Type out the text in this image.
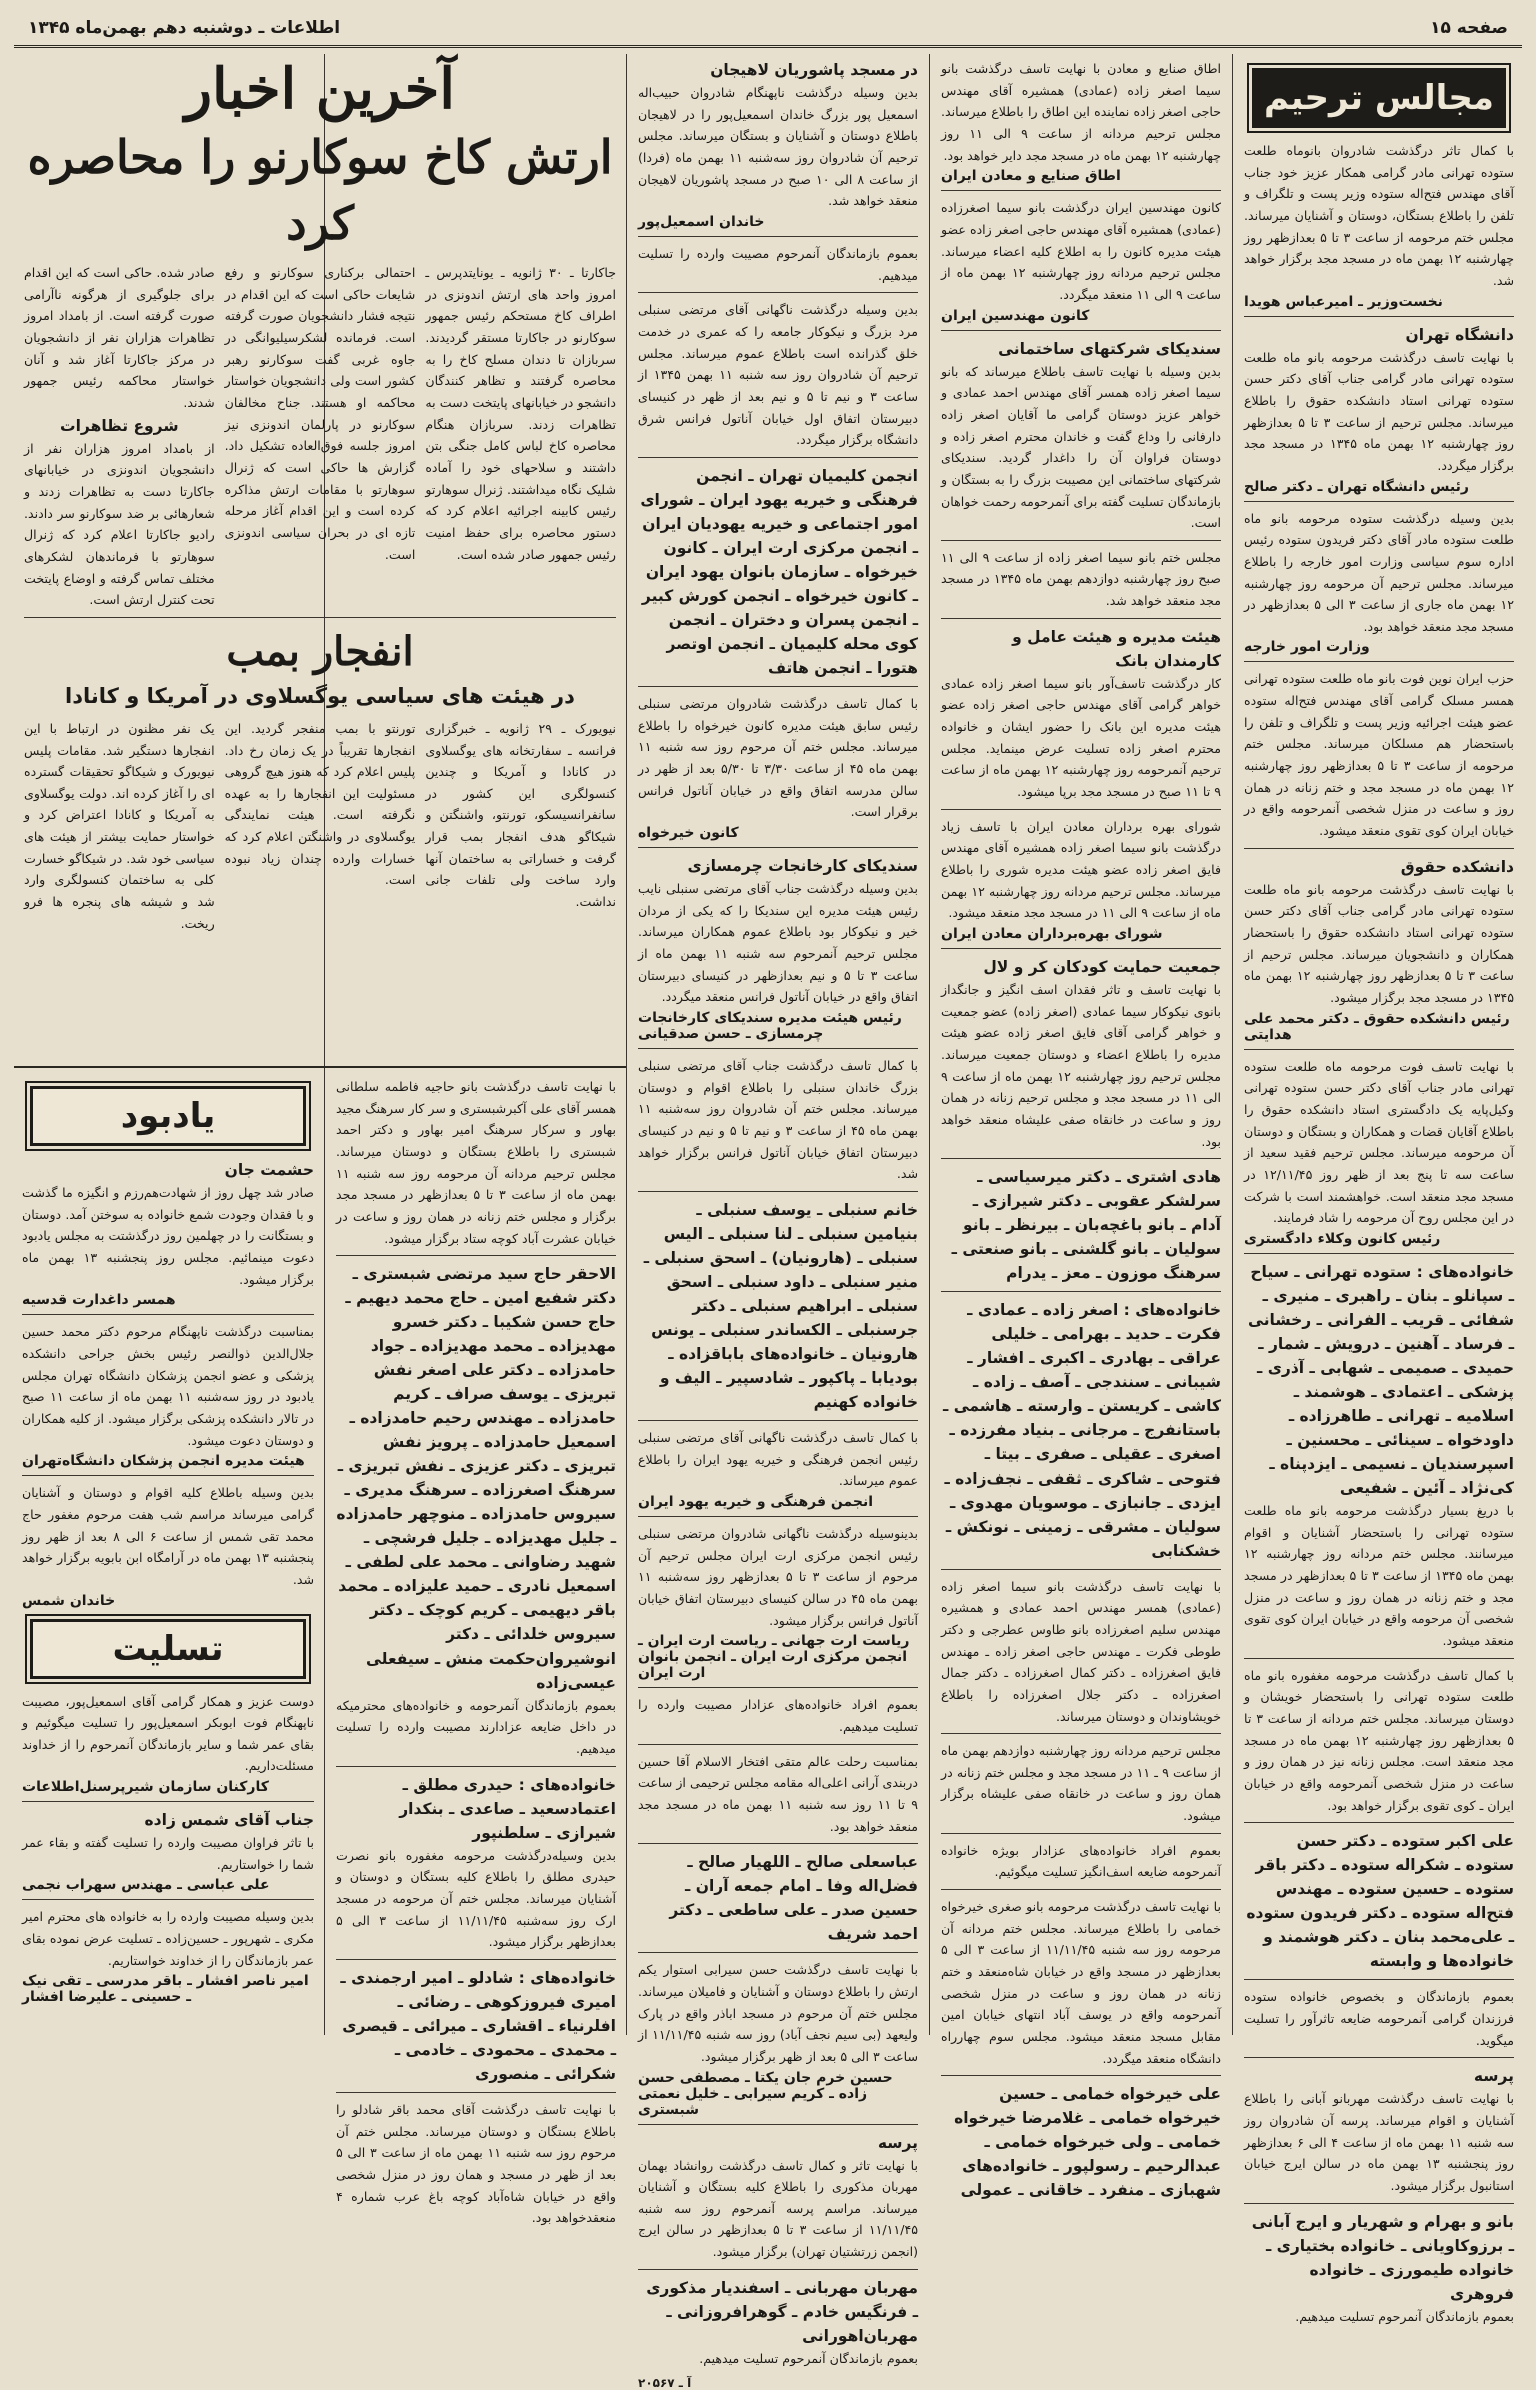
صفحه ۱۵
اطلاعات ـ دوشنبه دهم بهمن‌ماه ۱۳۴۵
مجالس ترحیم
با کمال تاثر درگذشت شادروان بانوماه طلعت ستوده تهرانی مادر گرامی همکار عزیز خود جناب آقای مهندس فتح‌اله ستوده وزیر پست و تلگراف و تلفن را باطلاع بستگان، دوستان و آشنایان میرساند. مجلس ختم مرحومه از ساعت ۳ تا ۵ بعدازظهر روز چهارشنبه ۱۲ بهمن ماه در مسجد مجد برگزار خواهد شد.
نخست‌وزیر ـ امیرعباس هویدا
دانشگاه تهران
با نهایت تاسف درگذشت مرحومه بانو ماه طلعت ستوده تهرانی مادر گرامی جناب آقای دکتر حسن ستوده تهرانی استاد دانشکده حقوق را باطلاع میرساند. مجلس ترحیم از ساعت ۳ تا ۵ بعدازظهر روز چهارشنبه ۱۲ بهمن ماه ۱۳۴۵ در مسجد مجد برگزار میگردد.
رئیس دانشگاه تهران ـ دکتر صالح
بدین وسیله درگذشت ستوده مرحومه بانو ماه طلعت ستوده مادر آقای دکتر فریدون ستوده رئیس اداره سوم سیاسی وزارت امور خارجه را باطلاع میرساند. مجلس ترحیم آن مرحومه روز چهارشنبه ۱۲ بهمن ماه جاری از ساعت ۳ الی ۵ بعدازظهر در مسجد مجد منعقد خواهد بود.
وزارت امور خارجه
حزب ایران نوین فوت بانو ماه طلعت ستوده تهرانی همسر مسلک گرامی آقای مهندس فتح‌اله ستوده عضو هیئت اجرائیه وزیر پست و تلگراف و تلفن را باستحضار هم مسلکان میرساند. مجلس ختم مرحومه از ساعت ۳ تا ۵ بعدازظهر روز چهارشنبه ۱۲ بهمن ماه در مسجد مجد و ختم زنانه در همان روز و ساعت در منزل شخصی آنمرحومه واقع در خیابان ایران کوی تقوی منعقد میشود.
دانشکده حقوق
با نهایت تاسف درگذشت مرحومه بانو ماه طلعت ستوده تهرانی مادر گرامی جناب آقای دکتر حسن ستوده تهرانی استاد دانشکده حقوق را باستحضار همکاران و دانشجویان میرساند. مجلس ترحیم از ساعت ۳ تا ۵ بعدازظهر روز چهارشنبه ۱۲ بهمن ماه ۱۳۴۵ در مسجد مجد برگزار میشود.
رئیس دانشکده حقوق ـ دکتر محمد علی هدایتی
با نهایت تاسف فوت مرحومه ماه طلعت ستوده تهرانی مادر جناب آقای دکتر حسن ستوده تهرانی وکیل‌پایه یک دادگستری استاد دانشکده حقوق را باطلاع آقایان قضات و همکاران و بستگان و دوستان آن مرحومه میرساند. مجلس ترحیم فقید سعید از ساعت سه تا پنج بعد از ظهر روز ۱۲/۱۱/۴۵ در مسجد مجد منعقد است. خواهشمند است با شرکت در این مجلس روح آن مرحومه را شاد فرمایند.
رئیس کانون وکلاء دادگستری
خانواده‌های : ستوده تهرانی ـ سیاح ـ سپانلو ـ بنان ـ راهبری ـ منیری ـ شفائی ـ قریب ـ الفرانی ـ رخشانی ـ فرساد ـ آهنین ـ درویش ـ شمار ـ حمیدی ـ صمیمی ـ شهابی ـ آذری ـ پزشکی ـ اعتمادی ـ هوشمند ـ اسلامیه ـ تهرانی ـ طاهرزاده ـ داودخواه ـ سینائی ـ محسنین ـ اسپرسندیان ـ نسیمی ـ ایزدپناه ـ کی‌نژاد ـ آئین ـ شفیعی
با دریغ بسیار درگذشت مرحومه بانو ماه طلعت ستوده تهرانی را باستحضار آشنایان و اقوام میرسانند. مجلس ختم مردانه روز چهارشنبه ۱۲ بهمن ماه ۱۳۴۵ از ساعت ۳ تا ۵ بعدازظهر در مسجد مجد و ختم زنانه در همان روز و ساعت در منزل شخصی آن مرحومه واقع در خیابان ایران کوی تقوی منعقد میشود.
با کمال تاسف درگذشت مرحومه مغفوره بانو ماه طلعت ستوده تهرانی را باستحضار خویشان و دوستان میرساند. مجلس ختم مردانه از ساعت ۳ تا ۵ بعدازظهر روز چهارشنبه ۱۲ بهمن ماه در مسجد مجد منعقد است. مجلس زنانه نیز در همان روز و ساعت در منزل شخصی آنمرحومه واقع در خیابان ایران ـ کوی تقوی برگزار خواهد بود.
علی اکبر ستوده ـ دکتر حسن ستوده ـ شکراله ستوده ـ دکتر باقر ستوده ـ حسین ستوده ـ مهندس فتح‌اله ستوده ـ دکتر فریدون ستوده ـ علی‌محمد بنان ـ دکتر هوشمند و خانواده‌ها و وابسته
بعموم بازماندگان و بخصوص خانواده ستوده فرزندان گرامی آنمرحومه ضایعه تاثرآور را تسلیت میگوید.
پرسه
با نهایت تاسف درگذشت مهربانو آبانی را باطلاع آشنایان و اقوام میرساند. پرسه آن شادروان روز سه شنبه ۱۱ بهمن ماه از ساعت ۴ الی ۶ بعدازظهر روز پنجشنبه ۱۳ بهمن ماه در سالن ایرج خیابان استانبول برگزار میشود.
بانو و بهرام و شهریار و ایرج آبانی ـ برزوکاویانی ـ خانواده بختیاری ـ خانواده طیمورزی ـ خانواده فروهری
بعموم بازماندگان آنمرحوم تسلیت میدهیم.
اطاق صنایع و معادن با نهایت تاسف درگذشت بانو سیما اصغر زاده (عمادی) همشیره آقای مهندس حاجی اصغر زاده نماینده این اطاق را باطلاع میرساند. مجلس ترحیم مردانه از ساعت ۹ الی ۱۱ روز چهارشنبه ۱۲ بهمن ماه در مسجد مجد دایر خواهد بود.
اطاق صنایع و معادن ایران
کانون مهندسین ایران درگذشت بانو سیما اصغرزاده (عمادی) همشیره آقای مهندس حاجی اصغر زاده عضو هیئت مدیره کانون را به اطلاع کلیه اعضاء میرساند. مجلس ترحیم مردانه روز چهارشنبه ۱۲ بهمن ماه از ساعت ۹ الی ۱۱ منعقد میگردد.
کانون مهندسین ایران
سندیکای شرکتهای ساختمانی
بدین وسیله با نهایت تاسف باطلاع میرساند که بانو سیما اصغر زاده همسر آقای مهندس احمد عمادی و خواهر عزیز دوستان گرامی ما آقایان اصغر زاده دارفانی را وداع گفت و خاندان محترم اصغر زاده و دوستان فراوان آن را داغدار گردید. سندیکای شرکتهای ساختمانی این مصیبت بزرگ را به بستگان و بازماندگان تسلیت گفته برای آنمرحومه رحمت خواهان است.
مجلس ختم بانو سیما اصغر زاده از ساعت ۹ الی ۱۱ صبح روز چهارشنبه دوازدهم بهمن ماه ۱۳۴۵ در مسجد مجد منعقد خواهد شد.
هیئت مدیره و هیئت عامل و کارمندان بانک
کار درگذشت تاسف‌آور بانو سیما اصغر زاده عمادی خواهر گرامی آقای مهندس حاجی اصغر زاده عضو هیئت مدیره این بانک را حضور ایشان و خانواده محترم اصغر زاده تسلیت عرض مینماید. مجلس ترحیم آنمرحومه روز چهارشنبه ۱۲ بهمن ماه از ساعت ۹ تا ۱۱ صبح در مسجد مجد برپا میشود.
شورای بهره برداران معادن ایران با تاسف زیاد درگذشت بانو سیما اصغر زاده همشیره آقای مهندس فایق اصغر زاده عضو هیئت مدیره شوری را باطلاع میرساند. مجلس ترحیم مردانه روز چهارشنبه ۱۲ بهمن ماه از ساعت ۹ الی ۱۱ در مسجد مجد منعقد میشود.
شورای بهره‌برداران معادن ایران
جمعیت حمایت کودکان کر و لال
با نهایت تاسف و تاثر فقدان اسف انگیز و جانگداز بانوی نیکوکار سیما عمادی (اصغر زاده) عضو جمعیت و خواهر گرامی آقای فایق اصغر زاده عضو هیئت مدیره را باطلاع اعضاء و دوستان جمعیت میرساند. مجلس ترحیم روز چهارشنبه ۱۲ بهمن ماه از ساعت ۹ الی ۱۱ در مسجد مجد و مجلس ترحیم زنانه در همان روز و ساعت در خانقاه صفی علیشاه منعقد خواهد بود.
هادی اشتری ـ دکتر میرسیاسی ـ سرلشکر عقوبی ـ دکتر شیرازی ـ آدام ـ بانو باغچه‌بان ـ بیرنظر ـ بانو سولیان ـ بانو گلشنی ـ بانو صنعتی ـ سرهنگ موزون ـ معز ـ یدرام
خانواده‌های : اصغر زاده ـ عمادی ـ فکرت ـ حدید ـ بهرامی ـ خلیلی عراقی ـ بهادری ـ اکبری ـ افشار ـ شیبانی ـ سنندجی ـ آصف ـ زاده ـ کاشی ـ کریستن ـ وارسته ـ هاشمی ـ باستانفرج ـ مرجانی ـ بنیاد مفرزده ـ اصغری ـ عقیلی ـ صفری ـ بیتا ـ فتوحی ـ شاکری ـ ثقفی ـ نجف‌زاده ـ ایزدی ـ جانبازی ـ موسویان مهدوی ـ سولیان ـ مشرقی ـ زمینی ـ نونکش ـ خشکنابی
با نهایت تاسف درگذشت بانو سیما اصغر زاده (عمادی) همسر مهندس احمد عمادی و همشیره مهندس سلیم اصغرزاده بانو طاوس عطرجی و دکتر طوطی فکرت ـ مهندس حاجی اصغر زاده ـ مهندس فایق اصغرزاده ـ دکتر کمال اصغرزاده ـ دکتر جمال اصغرزاده ـ دکتر جلال اصغرزاده را باطلاع خویشاوندان و دوستان میرساند.
مجلس ترحیم مردانه روز چهارشنبه دوازدهم بهمن ماه از ساعت ۹ ـ ۱۱ در مسجد مجد و مجلس ختم زنانه در همان روز و ساعت در خانقاه صفی علیشاه برگزار میشود.
بعموم افراد خانواده‌های عزادار بویژه خانواده آنمرحومه ضایعه اسف‌انگیز تسلیت میگوئیم.
با نهایت تاسف درگذشت مرحومه بانو صغری خیرخواه خمامی را باطلاع میرساند. مجلس ختم مردانه آن مرحومه روز سه شنبه ۱۱/۱۱/۴۵ از ساعت ۳ الی ۵ بعدازظهر در مسجد واقع در خیابان شاه‌منعقد و ختم زنانه در همان روز و ساعت در منزل شخصی آنمرحومه واقع در یوسف آباد انتهای خیابان امین مقابل مسجد منعقد میشود. مجلس سوم چهارراه دانشگاه منعقد میگردد.
علی خیرخواه خمامی ـ حسین خیرخواه خمامی ـ غلامرضا خیرخواه خمامی ـ ولی خیرخواه خمامی ـ عبدالرحیم ـ رسولپور ـ خانواده‌های شهبازی ـ منفرد ـ خاقانی ـ عمولی
در مسجد پاشوریان لاهیجان
بدین وسیله درگذشت ناپهنگام شادروان حبیب‌اله اسمعیل پور بزرگ خاندان اسمعیل‌پور را در لاهیجان باطلاع دوستان و آشنایان و بستگان میرساند. مجلس ترحیم آن شادروان روز سه‌شنبه ۱۱ بهمن ماه (فردا) از ساعت ۸ الی ۱۰ صبح در مسجد پاشوریان لاهیجان منعقد خواهد شد.
خاندان اسمعیل‌پور
بعموم بازماندگان آنمرحوم مصیبت وارده را تسلیت میدهیم.
بدین وسیله درگذشت ناگهانی آقای مرتضی سنبلی مرد بزرگ و نیکوکار جامعه را که عمری در خدمت خلق گذرانده است باطلاع عموم میرساند. مجلس ترحیم آن شادروان روز سه شنبه ۱۱ بهمن ۱۳۴۵ از ساعت ۳ و نیم تا ۵ و نیم بعد از ظهر در کنیسای دبیرستان اتفاق اول خیابان آناتول فرانس شرق دانشگاه برگزار میگردد.
انجمن کلیمیان تهران ـ انجمن فرهنگی و خیریه یهود ایران ـ شورای امور اجتماعی و خیریه یهودیان ایران ـ انجمن مرکزی ارت ایران ـ کانون خیرخواه ـ سازمان بانوان یهود ایران ـ کانون خیرخواه ـ انجمن کورش کبیر ـ انجمن پسران و دختران ـ انجمن کوی محله کلیمیان ـ انجمن اوتصر هتورا ـ انجمن هاتف
با کمال تاسف درگذشت شادروان مرتضی سنبلی رئیس سابق هیئت مدیره کانون خیرخواه را باطلاع میرساند. مجلس ختم آن مرحوم روز سه شنبه ۱۱ بهمن ماه ۴۵ از ساعت ۳/۳۰ تا ۵/۳۰ بعد از ظهر در سالن مدرسه اتفاق واقع در خیابان آناتول فرانس برقرار است.
کانون خیرخواه
سندیکای کارخانجات چرمسازی
بدین وسیله درگذشت جناب آقای مرتضی سنبلی نایب رئیس هیئت مدیره این سندیکا را که یکی از مردان خیر و نیکوکار بود باطلاع عموم همکاران میرساند. مجلس ترحیم آنمرحوم سه شنبه ۱۱ بهمن ماه از ساعت ۳ تا ۵ و نیم بعدازظهر در کنیسای دبیرستان اتفاق واقع در خیابان آناتول فرانس منعقد میگردد.
رئیس هیئت مدیره سندیکای کارخانجات چرمسازی ـ حسن صدقیانی
با کمال تاسف درگذشت جناب آقای مرتضی سنبلی بزرگ خاندان سنبلی را باطلاع اقوام و دوستان میرساند. مجلس ختم آن شادروان روز سه‌شنبه ۱۱ بهمن ماه ۴۵ از ساعت ۳ و نیم تا ۵ و نیم در کنیسای دبیرستان اتفاق خیابان آناتول فرانس برگزار خواهد شد.
خانم سنبلی ـ یوسف سنبلی ـ بنیامین سنبلی ـ لنا سنبلی ـ الیس سنبلی ـ (هارونیان) ـ اسحق سنبلی ـ منیر سنبلی ـ داود سنبلی ـ اسحق سنبلی ـ ابراهیم سنبلی ـ دکتر جرسنبلی ـ الکساندر سنبلی ـ یونس هارونیان ـ خانواده‌های باباقزاده ـ بودیابا ـ پاکپور ـ شادسپیر ـ الیف و خانواده کهنیم
با کمال تاسف درگذشت ناگهانی آقای مرتضی سنبلی رئیس انجمن فرهنگی و خیریه یهود ایران را باطلاع عموم میرساند.
انجمن فرهنگی و خیریه یهود ایران
بدینوسیله درگذشت ناگهانی شادروان مرتضی سنبلی رئیس انجمن مرکزی ارت ایران مجلس ترحیم آن مرحوم از ساعت ۳ تا ۵ بعدازظهر روز سه‌شنبه ۱۱ بهمن ماه ۴۵ در سالن کنیسای دبیرستان اتفاق خیابان آناتول فرانس برگزار میشود.
ریاست ارت جهانی ـ ریاست ارت ایران ـ انجمن مرکزی ارت ایران ـ انجمن بانوان ارت ایران
بعموم افراد خانواده‌های عزادار مصیبت وارده را تسلیت میدهیم.
بمناسبت رحلت عالم متقی افتخار الاسلام آقا حسین دربندی آرانی اعلی‌اله مقامه مجلس ترحیمی از ساعت ۹ تا ۱۱ روز سه شنبه ۱۱ بهمن ماه در مسجد مجد منعقد خواهد بود.
عباسعلی صالح ـ اللهیار صالح ـ فضل‌اله وفا ـ امام جمعه آران ـ حسین صدر ـ علی ساطعی ـ دکتر احمد شریف
با نهایت تاسف درگذشت حسن سیرابی استوار یکم ارتش را باطلاع دوستان و آشنایان و فامیلان میرساند. مجلس ختم آن مرحوم در مسجد اباذر واقع در پارک ولیعهد (بی سیم نجف آباد) روز سه شنبه ۱۱/۱۱/۴۵ از ساعت ۳ الی ۵ بعد از ظهر برگزار میشود.
حسین خرم جان یکتا ـ مصطفی حسن زاده ـ کریم سیرابی ـ خلیل نعمتی شبستری
پرسه
با نهایت تاثر و کمال تاسف درگذشت روانشاد بهمان مهربان مذکوری را باطلاع کلیه بستگان و آشنایان میرساند. مراسم پرسه آنمرحوم روز سه شنبه ۱۱/۱۱/۴۵ از ساعت ۳ تا ۵ بعدازظهر در سالن ایرج (انجمن زرتشتیان تهران) برگزار میشود.
مهربان مهربانی ـ اسفندیار مذکوری ـ فرنگیس خادم ـ گوهرافروزانی ـ مهربان‌اهورانی
بعموم بازماندگان آنمرحوم تسلیت میدهیم.
آ ـ ۲۰۵۶۷
آخرین اخبار
ارتش کاخ سوکارنو را محاصره کرد
جاکارتا ـ ۳۰ ژانویه ـ یونایتدپرس ـ امروز واحد های ارتش اندونزی در اطراف کاخ مستحکم رئیس جمهور سوکارنو در جاکارتا مستقر گردیدند. سربازان تا دندان مسلح کاخ را به محاصره گرفتند و تظاهر کنندگان دانشجو در خیابانهای پایتخت دست به تظاهرات زدند. سربازان هنگام محاصره کاخ لباس کامل جنگی بتن داشتند و سلاحهای خود را آماده شلیک نگاه میداشتند. ژنرال سوهارتو رئیس کابینه اجرائیه اعلام کرد که دستور محاصره برای حفظ امنیت رئیس جمهور صادر شده است.
احتمالی برکناری سوکارنو و رفع شایعات حاکی است که این اقدام در نتیجه فشار دانشجویان صورت گرفته است. فرمانده لشکرسیلیوانگی در جاوه غربی گفت سوکارنو رهبر کشور است ولی دانشجویان خواستار محاکمه او هستند. جناح مخالفان سوکارنو در پارلمان اندونزی نیز امروز جلسه فوق‌العاده تشکیل داد. گزارش ها حاکی است که ژنرال سوهارتو با مقامات ارتش مذاکره کرده است و این اقدام آغاز مرحله تازه ای در بحران سیاسی اندونزی است.
صادر شده. حاکی است که این اقدام برای جلوگیری از هرگونه ناآرامی صورت گرفته است. از بامداد امروز تظاهرات هزاران نفر از دانشجویان در مرکز جاکارتا آغاز شد و آنان خواستار محاکمه رئیس جمهور شدند.
شروع تظاهرات
از بامداد امروز هزاران نفر از دانشجویان اندونزی در خیابانهای جاکارتا دست به تظاهرات زدند و شعارهائی بر ضد سوکارنو سر دادند. رادیو جاکارتا اعلام کرد که ژنرال سوهارتو با فرماندهان لشکرهای مختلف تماس گرفته و اوضاع پایتخت تحت کنترل ارتش است.
انفجار بمب
در هیئت های سیاسی یوگسلاوی در آمریکا و کانادا
نیویورک ـ ۲۹ ژانویه ـ خبرگزاری فرانسه ـ سفارتخانه های یوگسلاوی در کانادا و آمریکا و چندین کنسولگری این کشور در سانفرانسیسکو، تورنتو، واشنگتن و شیکاگو هدف انفجار بمب قرار گرفت و خساراتی به ساختمان آنها وارد ساخت ولی تلفات جانی نداشت.
تورنتو با بمب منفجر گردید. این انفجارها تقریباً در یک زمان رخ داد. پلیس اعلام کرد که هنوز هیچ گروهی مسئولیت این انفجارها را به عهده نگرفته است. هیئت نمایندگی یوگسلاوی در واشنگتن اعلام کرد که خسارات وارده چندان زیاد نبوده است.
یک نفر مظنون در ارتباط با این انفجارها دستگیر شد. مقامات پلیس نیویورک و شیکاگو تحقیقات گسترده ای را آغاز کرده اند. دولت یوگسلاوی به آمریکا و کانادا اعتراض کرد و خواستار حمایت بیشتر از هیئت های سیاسی خود شد. در شیکاگو خسارت کلی به ساختمان کنسولگری وارد شد و شیشه های پنجره ها فرو ریخت.
با نهایت تاسف درگذشت بانو حاجیه فاطمه سلطانی همسر آقای علی آکبرشبستری و سر کار سرهنگ مجید بهاور و سرکار سرهنگ امیر بهاور و دکتر احمد شبستری را باطلاع بستگان و دوستان میرساند. مجلس ترحیم مردانه آن مرحومه روز سه شنبه ۱۱ بهمن ماه از ساعت ۳ تا ۵ بعدازظهر در مسجد مجد برگزار و مجلس ختم زنانه در همان روز و ساعت در خیابان عشرت آباد کوچه ستاد برگزار میشود.
الاحقر حاج سید مرتضی شبستری ـ دکتر شفیع امین ـ حاج محمد دیهیم ـ حاج حسن شکیبا ـ دکتر خسرو مهدیزاده ـ محمد مهدیزاده ـ جواد حامدزاده ـ دکتر علی اصغر نفش تبریزی ـ یوسف صراف ـ کریم حامدزاده ـ مهندس رحیم حامدزاده ـ اسمعیل حامدزاده ـ پرویز نفش تبریزی ـ دکتر عزیزی ـ نفش تبریزی ـ سرهنگ اصغرزاده ـ سرهنگ مدیری ـ سیروس حامدزاده ـ منوچهر حامدزاده ـ جلیل مهدیزاده ـ جلیل فرشچی ـ شهید رضاوانی ـ محمد علی لطفی ـ اسمعیل نادری ـ حمید علیزاده ـ محمد باقر دیهیمی ـ کریم کوچک ـ دکتر سیروس خلدائی ـ دکتر انوشیروان‌حکمت منش ـ سیفعلی عیسی‌زاده
بعموم بازماندگان آنمرحومه و خانواده‌های محترمیکه در داخل ضایعه عزادارند مصیبت وارده را تسلیت میدهیم.
خانواده‌های : حیدری مطلق ـ اعتمادسعید ـ صاعدی ـ بنکدار شیرازی ـ سلطنپور
بدین وسیله‌درگذشت مرحومه مغفوره بانو نصرت حیدری مطلق را باطلاع کلیه بستگان و دوستان و آشنایان میرساند. مجلس ختم آن مرحومه در مسجد ارک روز سه‌شنبه ۱۱/۱۱/۴۵ از ساعت ۳ الی ۵ بعدازظهر برگزار میشود.
خانواده‌های : شادلو ـ امیر ارجمندی ـ امیری فیروزکوهی ـ رضائی ـ افلرنیاء ـ اقشاری ـ میرائی ـ قیصری ـ محمدی ـ محمودی ـ خادمی ـ شکرائی ـ منصوری
با نهایت تاسف درگذشت آقای محمد باقر شادلو را باطلاع بستگان و دوستان میرساند. مجلس ختم آن مرحوم روز سه شنبه ۱۱ بهمن ماه از ساعت ۳ الی ۵ بعد از ظهر در مسجد و همان روز در منزل شخصی واقع در خیابان شاه‌آباد کوچه باغ عرب شماره ۴ منعقدخواهد بود.
یادبود
حشمت جان
صادر شد چهل روز از شهادت‌هم‌رزم و انگیزه ما گذشت و با فقدان وجودت شمع خانواده به سوختن آمد. دوستان و بستگانت را در چهلمین روز درگذشتت به مجلس یادبود دعوت مینمائیم. مجلس روز پنجشنبه ۱۳ بهمن ماه برگزار میشود.
همسر داغدارت قدسیه
بمناسبت درگذشت ناپهنگام مرحوم دکتر محمد حسین جلال‌الدین ذوالنصر رئیس بخش جراحی دانشکده پزشکی و عضو انجمن پزشکان دانشگاه تهران مجلس یادبود در روز سه‌شنبه ۱۱ بهمن ماه از ساعت ۱۱ صبح در تالار دانشکده پزشکی برگزار میشود. از کلیه همکاران و دوستان دعوت میشود.
هیئت مدیره انجمن پزشکان دانشگاه‌تهران
بدین وسیله باطلاع کلیه اقوام و دوستان و آشنایان گرامی میرساند مراسم شب هفت مرحوم مغفور حاج محمد تقی شمس از ساعت ۶ الی ۸ بعد از ظهر روز پنجشنبه ۱۳ بهمن ماه در آرامگاه ابن بابویه برگزار خواهد شد.
خاندان شمس
تسلیت
دوست عزیز و همکار گرامی آقای اسمعیل‌پور، مصیبت ناپهنگام فوت ابوبکر اسمعیل‌پور را تسلیت میگوئیم و بقای عمر شما و سایر بازماندگان آنمرحوم را از خداوند مسئلت‌داریم.
کارکنان سازمان شیرپرسنل‌اطلاعات
جناب آقای شمس زاده
با تاثر فراوان مصیبت وارده را تسلیت گفته و بقاء عمر شما را خواستاریم.
علی عباسی ـ مهندس سهراب نجمی
بدین وسیله مصیبت وارده را به خانواده های محترم امیر مکری ـ شهرپور ـ حسین‌زاده ـ تسلیت عرض نموده بقای عمر بازماندگان را از خداوند خواستاریم.
امیر ناصر افشار ـ باقر مدرسی ـ تقی نیک ـ حسینی ـ علیرضا افشار
